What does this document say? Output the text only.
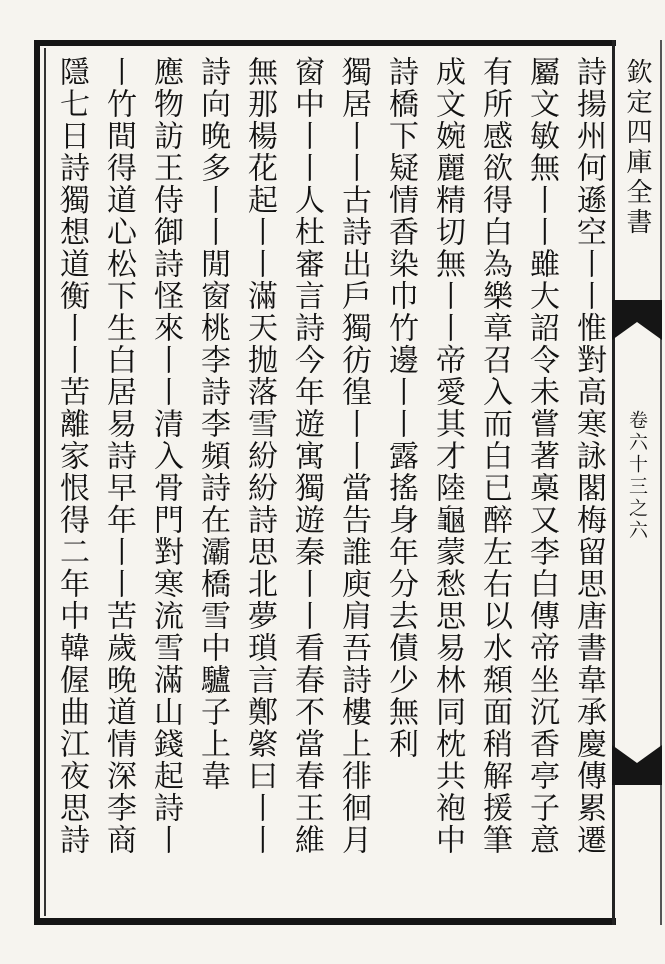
欽定四庫全書
卷六十三之六
詩揚州何遜空丨丨惟對高寒詠閣梅留思唐書韋承慶傳累遷
屬文敏無丨丨雖大詔令未嘗著槀又李白傳帝坐沉香亭子意
有所感欲得白為樂章召入而白已醉左右以水頮面稍解援筆
成文婉麗精切無丨丨帝愛其才陸龜蒙愁思易林同枕共袍中
詩橋下疑情香染巾竹邊丨丨露搖身年分去債少無利
獨居丨丨古詩出戶獨彷徨丨丨當告誰庾肩吾詩樓上徘徊月
窗中丨丨人杜審言詩今年遊寓獨遊秦丨丨看春不當春王維
無那楊花起丨丨滿天抛落雪紛紛詩思北夢瑣言鄭綮曰丨丨
詩向晚多丨丨閒窗桃李詩李頻詩在灞橋雪中驢子上韋
應物訪王侍御詩怪來丨丨清入骨門對寒流雪滿山錢起詩丨
丨竹間得道心松下生白居易詩早年丨丨苦歲晚道情深李商
隱七日詩獨想道衡丨丨苦離家恨得二年中韓偓曲江夜思詩
